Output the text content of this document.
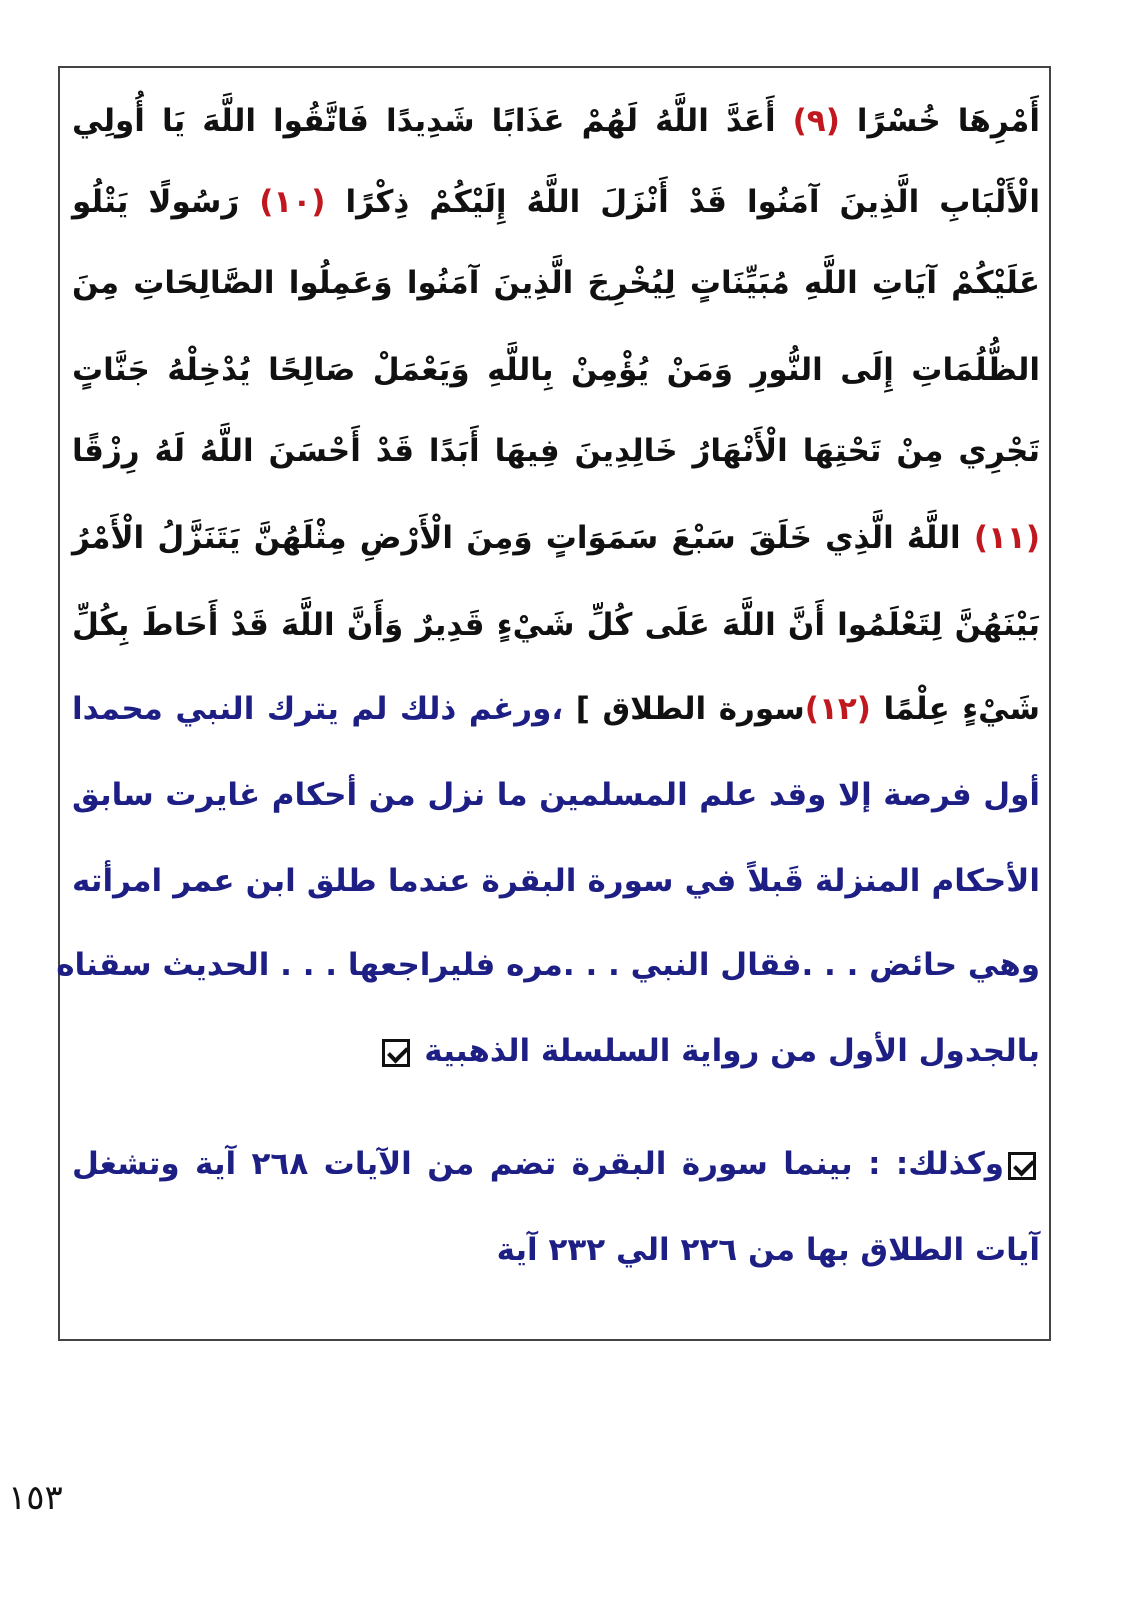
أَمْرِهَا خُسْرًا (٩) أَعَدَّ اللَّهُ لَهُمْ عَذَابًا شَدِيدًا فَاتَّقُوا اللَّهَ يَا أُولِي
الْأَلْبَابِ الَّذِينَ آمَنُوا قَدْ أَنْزَلَ اللَّهُ إِلَيْكُمْ ذِكْرًا (١٠) رَسُولًا يَتْلُو
عَلَيْكُمْ آيَاتِ اللَّهِ مُبَيِّنَاتٍ لِيُخْرِجَ الَّذِينَ آمَنُوا وَعَمِلُوا الصَّالِحَاتِ مِنَ
الظُّلُمَاتِ إِلَى النُّورِ وَمَنْ يُؤْمِنْ بِاللَّهِ وَيَعْمَلْ صَالِحًا يُدْخِلْهُ جَنَّاتٍ
تَجْرِي مِنْ تَحْتِهَا الْأَنْهَارُ خَالِدِينَ فِيهَا أَبَدًا قَدْ أَحْسَنَ اللَّهُ لَهُ رِزْقًا
(١١) اللَّهُ الَّذِي خَلَقَ سَبْعَ سَمَوَاتٍ وَمِنَ الْأَرْضِ مِثْلَهُنَّ يَتَنَزَّلُ الْأَمْرُ
بَيْنَهُنَّ لِتَعْلَمُوا أَنَّ اللَّهَ عَلَى كُلِّ شَيْءٍ قَدِيرٌ وَأَنَّ اللَّهَ قَدْ أَحَاطَ بِكُلِّ
شَيْءٍ عِلْمًا (١٢)سورة الطلاق ] ،ورغم ذلك لم يترك النبي محمدا
أول فرصة إلا وقد علم المسلمين ما نزل من أحكام غايرت سابق
الأحكام المنزلة قَبلاً في سورة البقرة عندما طلق ابن عمر امرأته
وهي حائض . . .فقال النبي . . .مره فليراجعها . . . الحديث سقناه
بالجدول الأول من رواية السلسلة الذهبية
وكذلك: : بينما سورة البقرة تضم من الآيات ٢٦٨ آية وتشغل
آيات الطلاق بها من ٢٢٦ الي ٢٣٢ آية
١٥٣
